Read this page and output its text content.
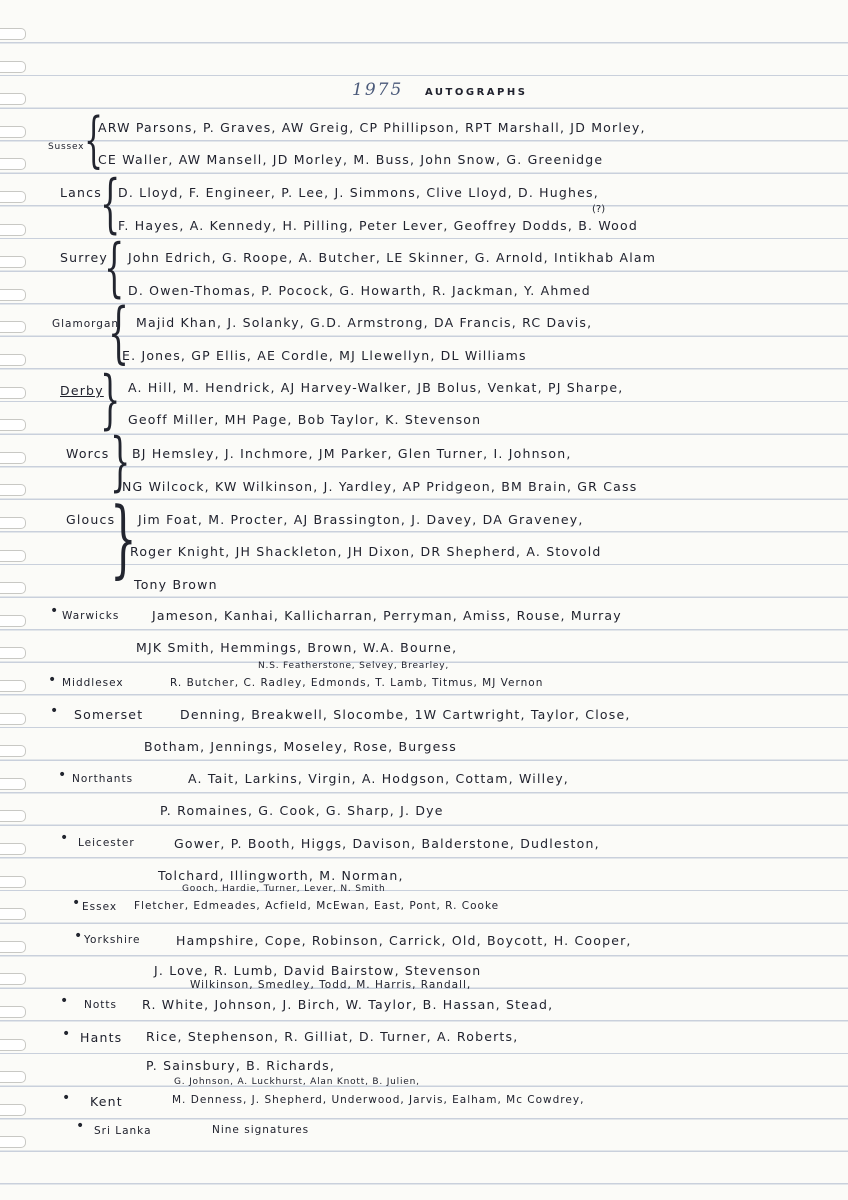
1975 AUTOGRAPHS
Sussex {
ARW Parsons, P. Graves, AW Greig, CP Phillipson, RPT Marshall, JD Morley,
CE Waller, AW Mansell, JD Morley, M. Buss, John Snow, G. Greenidge
Lancs
{
D. Lloyd, F. Engineer, P. Lee, J. Simmons, Clive Lloyd, D. Hughes,
(?)
F. Hayes, A. Kennedy, H. Pilling, Peter Lever, Geoffrey Dodds, B. Wood
Surrey
{ John Edrich, G. Roope, A. Butcher, LE Skinner, G. Arnold, Intikhab Alam
D. Owen-Thomas, P. Pocock, G. Howarth, R. Jackman, Y. Ahmed
Glamorgan
{ Majid Khan, J. Solanky, G.D. Armstrong, DA Francis, RC Davis,
E. Jones, GP Ellis, AE Cordle, MJ Llewellyn, DL Williams
Derby
} A. Hill, M. Hendrick, AJ Harvey-Walker, JB Bolus, Venkat, PJ Sharpe,
Geoff Miller, MH Page, Bob Taylor, K. Stevenson
Worcs } BJ Hemsley, J. Inchmore, JM Parker, Glen Turner, I. Johnson,
NG Wilcock, KW Wilkinson, J. Yardley, AP Pridgeon, BM Brain, GR Cass
Gloucs
} Jim Foat, M. Procter, AJ Brassington, J. Davey, DA Graveney,
Roger Knight, JH Shackleton, JH Dixon, DR Shepherd, A. Stovold
Tony Brown
• Warwicks	Jameson, Kanhai, Kallicharran, Perryman, Amiss, Rouse, Murray
MJK Smith, Hemmings, Brown, W.A. Bourne,
N.S. Featherstone, Selvey, Brearley,
• Middlesex	R. Butcher, C. Radley, Edmonds, T. Lamb, Titmus, MJ Vernon
• Somerset	Denning, Breakwell, Slocombe, 1W Cartwright, Taylor, Close,
Botham, Jennings, Moseley, Rose, Burgess
• Northants	A. Tait, Larkins, Virgin, A. Hodgson, Cottam, Willey,
P. Romaines, G. Cook, G. Sharp, J. Dye
• Leicester	Gower, P. Booth, Higgs, Davison, Balderstone, Dudleston,
Tolchard, Illingworth, M. Norman,
Gooch, Hardie, Turner, Lever, N. Smith
• Essex Fletcher, Edmeades, Acfield, McEwan, East, Pont, R. Cooke
• Yorkshire	Hampshire, Cope, Robinson, Carrick, Old, Boycott, H. Cooper,
J. Love, R. Lumb, David Bairstow, Stevenson
Wilkinson, Smedley, Todd, M. Harris, Randall,
• Notts R. White, Johnson, J. Birch, W. Taylor, B. Hassan, Stead,
• Hants Rice, Stephenson, R. Gilliat, D. Turner, A. Roberts,
P. Sainsbury, B. Richards,
G. Johnson, A. Luckhurst, Alan Knott, B. Julien,
• Kent	M. Denness, J. Shepherd, Underwood, Jarvis, Ealham, Mc Cowdrey,
• Sri Lanka	Nine signatures
